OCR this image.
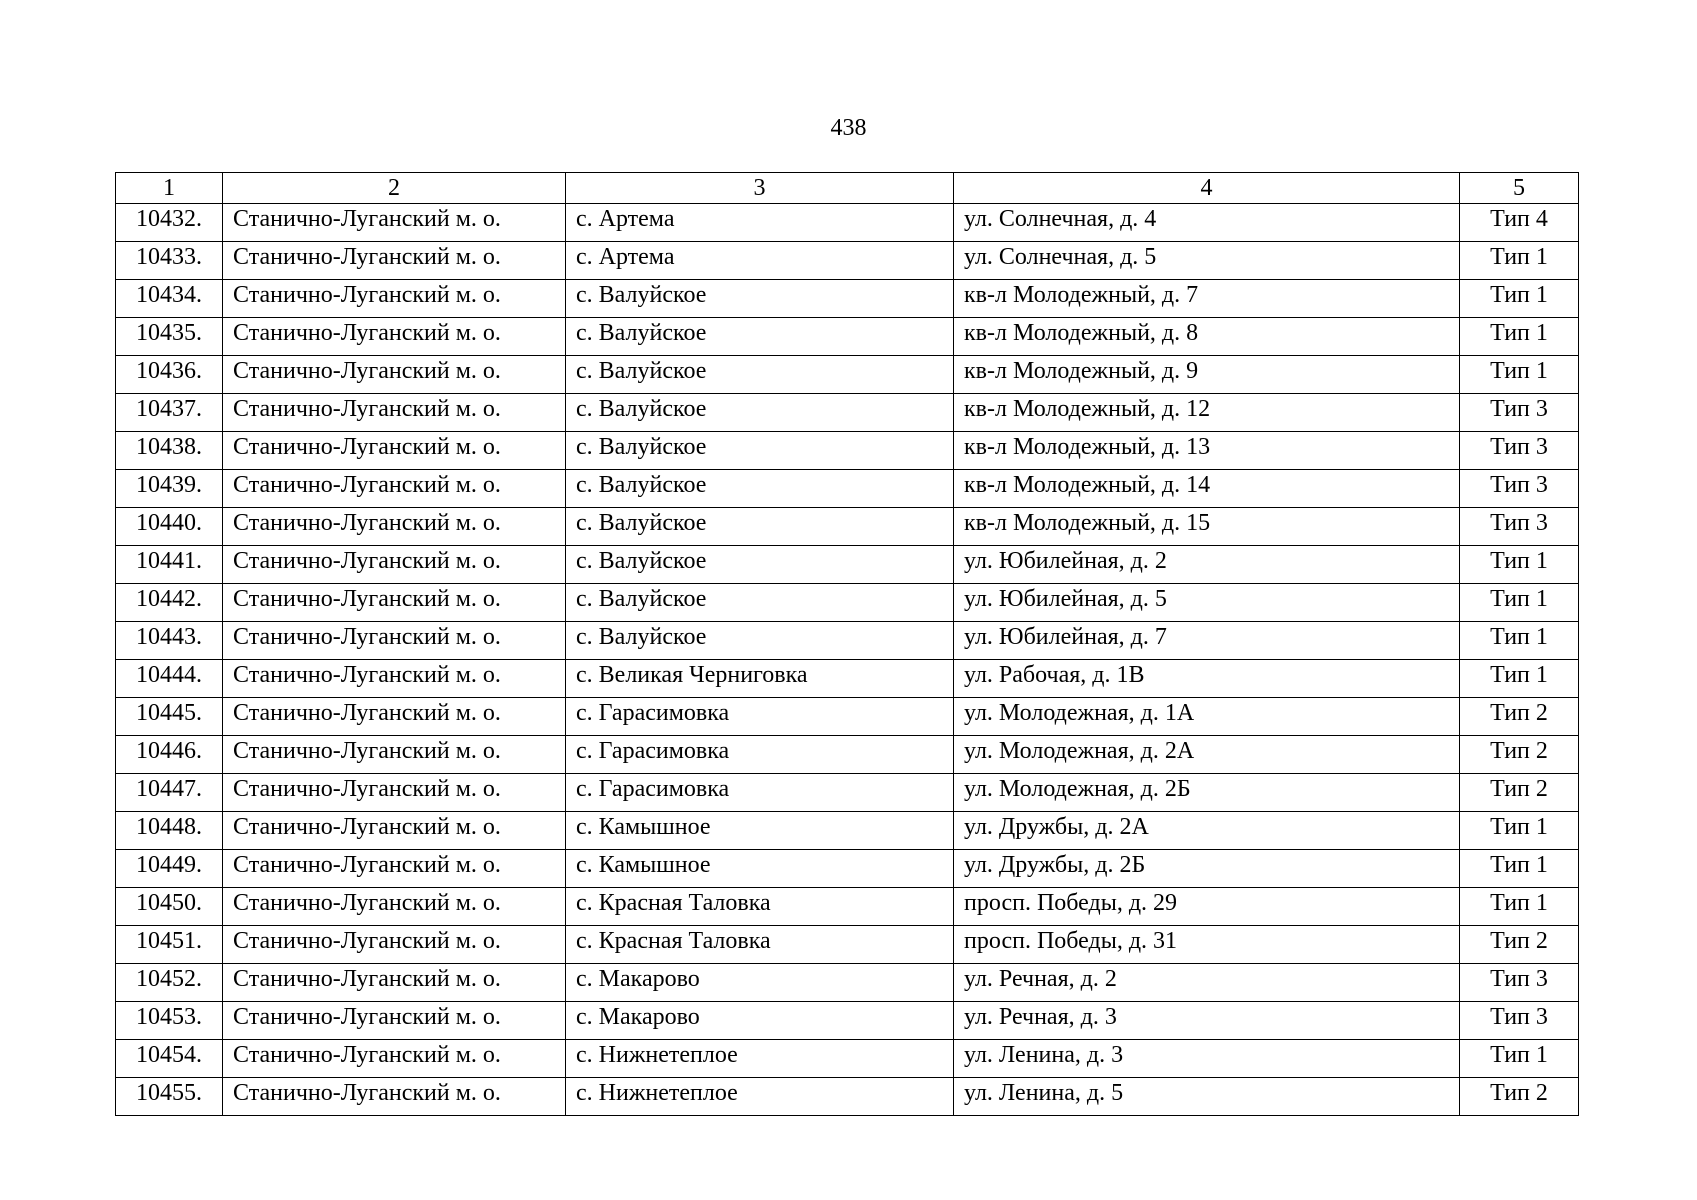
438
1	2	3	4	5
10432.	Станично-Луганский м. о.	с. Артема	ул. Солнечная, д. 4	Тип 4
10433.	Станично-Луганский м. о.	с. Артема	ул. Солнечная, д. 5	Тип 1
10434.	Станично-Луганский м. о.	с. Валуйское	кв-л Молодежный, д. 7	Тип 1
10435.	Станично-Луганский м. о.	с. Валуйское	кв-л Молодежный, д. 8	Тип 1
10436.	Станично-Луганский м. о.	с. Валуйское	кв-л Молодежный, д. 9	Тип 1
10437.	Станично-Луганский м. о.	с. Валуйское	кв-л Молодежный, д. 12	Тип 3
10438.	Станично-Луганский м. о.	с. Валуйское	кв-л Молодежный, д. 13	Тип 3
10439.	Станично-Луганский м. о.	с. Валуйское	кв-л Молодежный, д. 14	Тип 3
10440.	Станично-Луганский м. о.	с. Валуйское	кв-л Молодежный, д. 15	Тип 3
10441.	Станично-Луганский м. о.	с. Валуйское	ул. Юбилейная, д. 2	Тип 1
10442.	Станично-Луганский м. о.	с. Валуйское	ул. Юбилейная, д. 5	Тип 1
10443.	Станично-Луганский м. о.	с. Валуйское	ул. Юбилейная, д. 7	Тип 1
10444.	Станично-Луганский м. о.	с. Великая Черниговка	ул. Рабочая, д. 1В	Тип 1
10445.	Станично-Луганский м. о.	с. Гарасимовка	ул. Молодежная, д. 1А	Тип 2
10446.	Станично-Луганский м. о.	с. Гарасимовка	ул. Молодежная, д. 2А	Тип 2
10447.	Станично-Луганский м. о.	с. Гарасимовка	ул. Молодежная, д. 2Б	Тип 2
10448.	Станично-Луганский м. о.	с. Камышное	ул. Дружбы, д. 2А	Тип 1
10449.	Станично-Луганский м. о.	с. Камышное	ул. Дружбы, д. 2Б	Тип 1
10450.	Станично-Луганский м. о.	с. Красная Таловка	просп. Победы, д. 29	Тип 1
10451.	Станично-Луганский м. о.	с. Красная Таловка	просп. Победы, д. 31	Тип 2
10452.	Станично-Луганский м. о.	с. Макарово	ул. Речная, д. 2	Тип 3
10453.	Станично-Луганский м. о.	с. Макарово	ул. Речная, д. 3	Тип 3
10454.	Станично-Луганский м. о.	с. Нижнетеплое	ул. Ленина, д. 3	Тип 1
10455.	Станично-Луганский м. о.	с. Нижнетеплое	ул. Ленина, д. 5	Тип 2
